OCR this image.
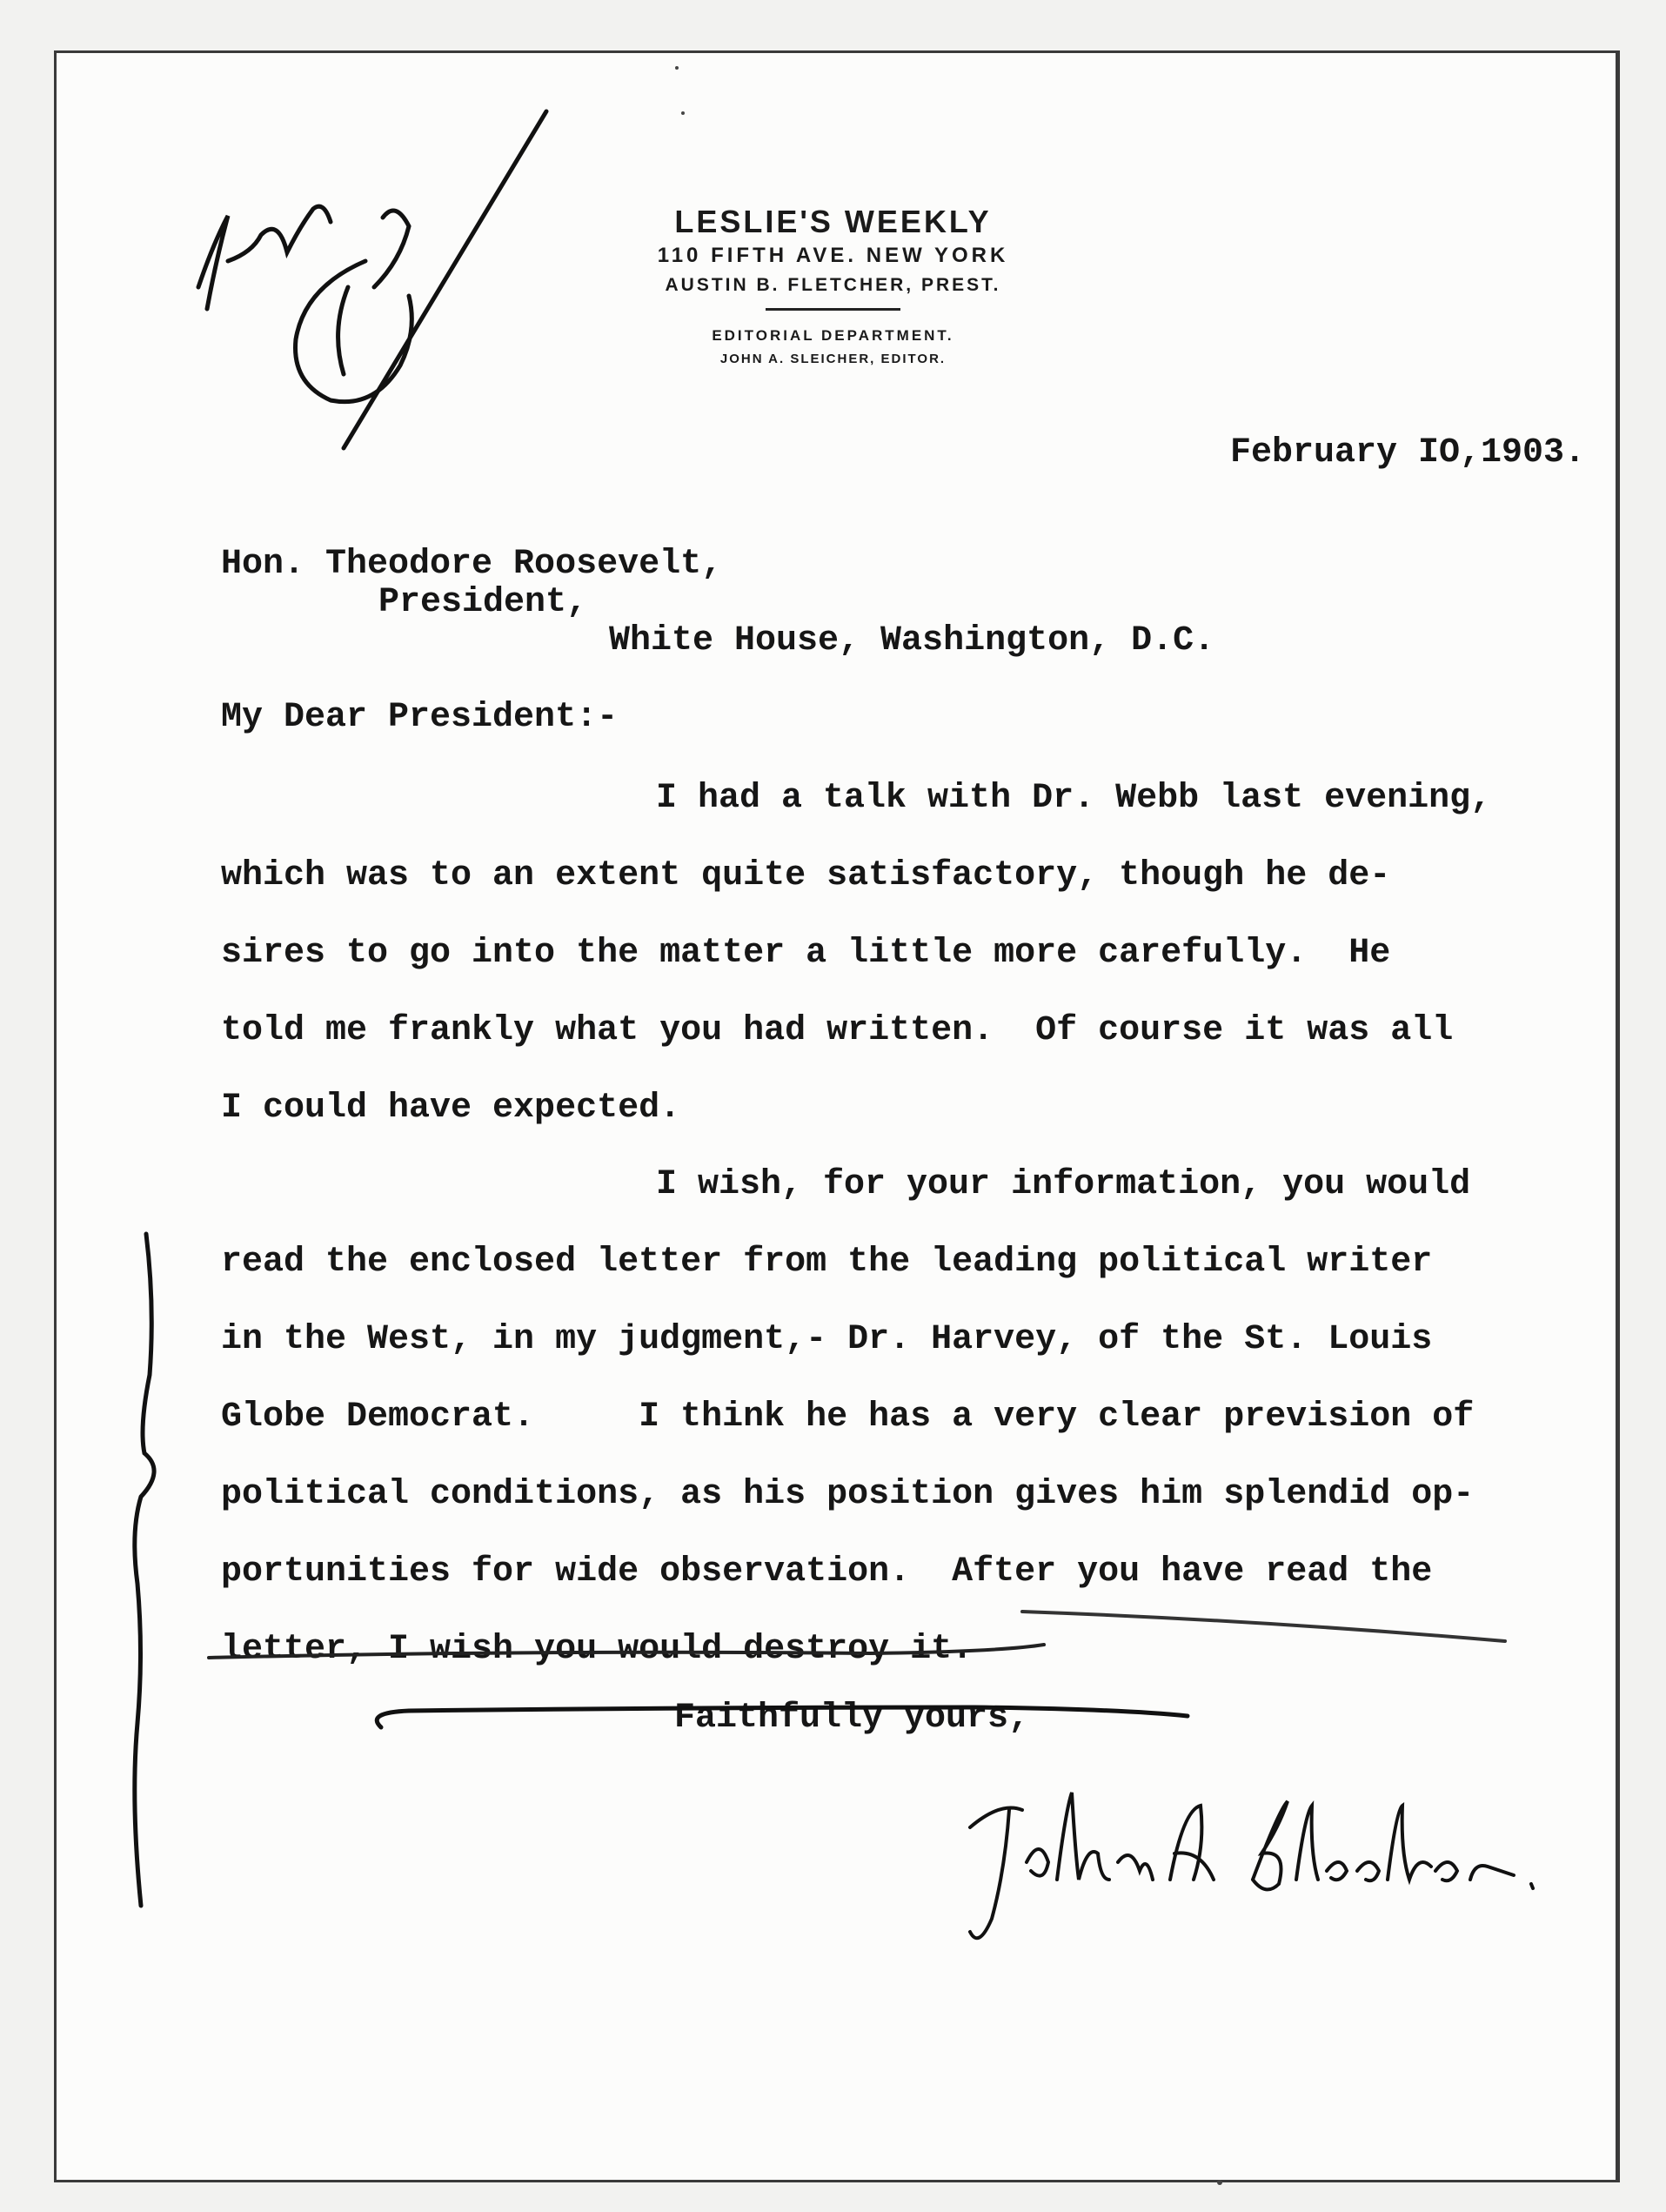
LESLIE'S WEEKLY
110 FIFTH AVE. NEW YORK
AUSTIN B. FLETCHER, PREST.
EDITORIAL DEPARTMENT.
JOHN A. SLEICHER, EDITOR.
February IO,1903.
Hon. Theodore Roosevelt,
President,
White House, Washington, D.C.
My Dear President:-
I had a talk with Dr. Webb last evening,
which was to an extent quite satisfactory, though he de-
sires to go into the matter a little more carefully.  He
told me frankly what you had written.  Of course it was all
I could have expected.
I wish, for your information, you would
read the enclosed letter from the leading political writer
in the West, in my judgment,- Dr. Harvey, of the St. Louis
Globe Democrat.     I think he has a very clear prevision of
political conditions, as his position gives him splendid op-
portunities for wide observation.  After you have read the
letter, I wish you would destroy it.
Faithfully yours,
